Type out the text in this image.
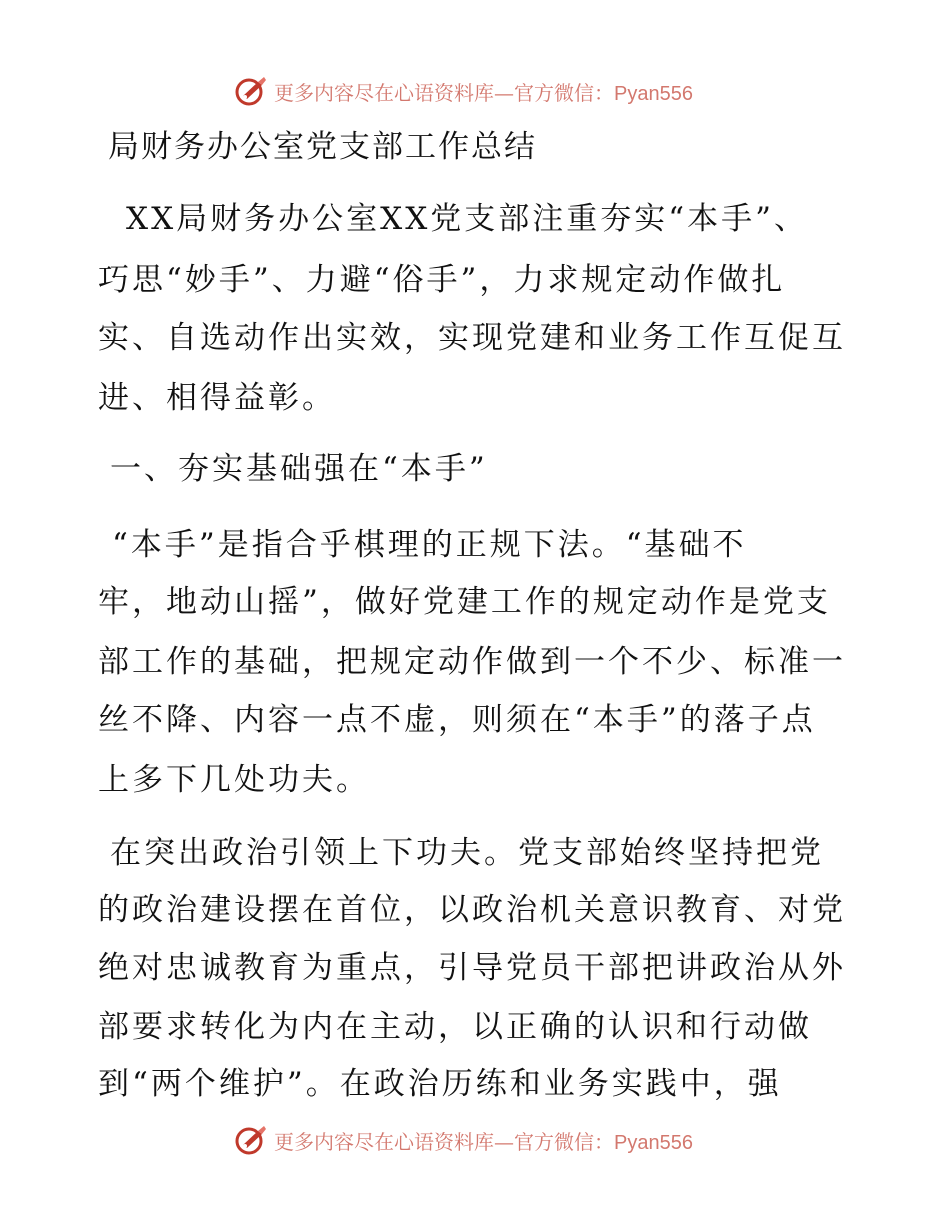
更多内容尽在心语资料库—官方微信：Pyan556
局财务办公室党支部工作总结
XX局财务办公室XX党支部注重夯实“本手”、
巧思“妙手”、力避“俗手”，力求规定动作做扎
实、自选动作出实效，实现党建和业务工作互促互
进、相得益彰。
一、夯实基础强在“本手”
“本手”是指合乎棋理的正规下法。“基础不
牢，地动山摇”，做好党建工作的规定动作是党支
部工作的基础，把规定动作做到一个不少、标准一
丝不降、内容一点不虚，则须在“本手”的落子点
上多下几处功夫。
在突出政治引领上下功夫。党支部始终坚持把党
的政治建设摆在首位，以政治机关意识教育、对党
绝对忠诚教育为重点，引导党员干部把讲政治从外
部要求转化为内在主动，以正确的认识和行动做
到“两个维护”。在政治历练和业务实践中，强
更多内容尽在心语资料库—官方微信：Pyan556
